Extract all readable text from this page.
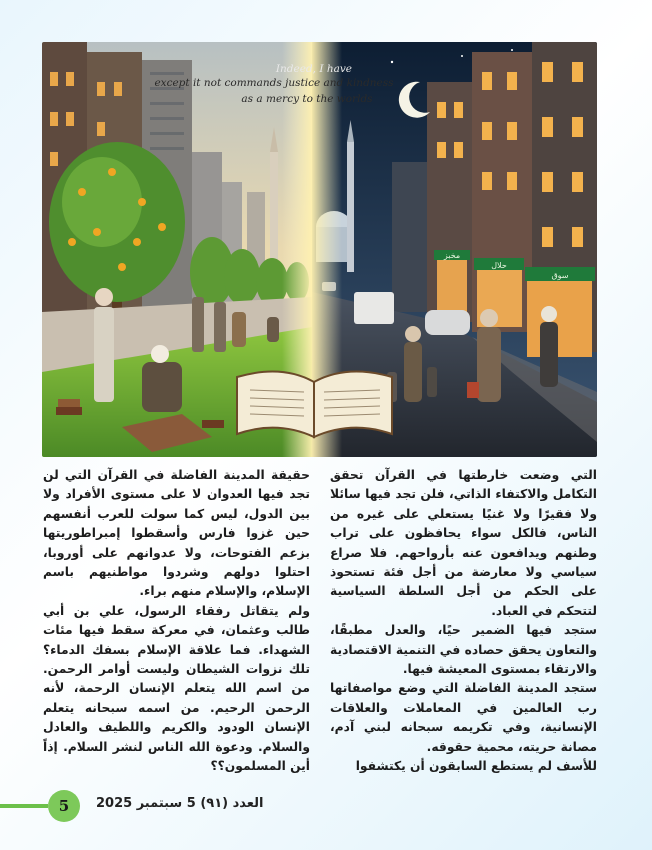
مخبز
حلال
سوق
Indeed, I have
except it not commands justice and kindness
as a mercy to the worlds

التي وضعت خارطتها في القرآن تحقق التكامل والاكتفاء الذاتي، فلن تجد فيها سائلا ولا فقيرًا ولا غنيًا يستعلي على غيره من الناس، فالكل سواء يحافظون على تراب وطنهم ويدافعون عنه بأرواحهم. فلا صراع سياسي ولا معارضة من أجل فئة تستحوذ على الحكم من أجل السلطة السياسية لتتحكم في العباد.

ستجد فيها الضمير حيًا، والعدل مطبقًا، والتعاون يحقق حصاده في التنمية الاقتصادية والارتقاء بمستوى المعيشة فيها.

ستجد المدينة الفاضلة التي وضع مواصفاتها رب العالمين في المعاملات والعلاقات الإنسانية، وفي تكريمه سبحانه لبني آدم، مصانة حريته، محمية حقوقه.

للأسف لم يستطع السابقون أن يكتشفوا

حقيقة المدينة الفاضلة في القرآن التي لن تجد فيها العدوان لا على مستوى الأفراد ولا بين الدول، ليس كما سولت للعرب أنفسهم حين غزوا فارس وأسقطوا إمبراطوريتها بزعم الفتوحات، ولا عدوانهم على أوروبا، احتلوا دولهم وشردوا مواطنيهم باسم الإسلام، والإسلام منهم براء.

ولم يتقاتل رفقاء الرسول، علي بن أبي طالب وعثمان، في معركة سقط فيها مئات الشهداء. فما علاقة الإسلام بسفك الدماء؟ تلك نزوات الشيطان وليست أوامر الرحمن. من اسم الله يتعلم الإنسان الرحمة، لأنه الرحمن الرحيم. من اسمه سبحانه يتعلم الإنسان الودود والكريم واللطيف والعادل والسلام. ودعوة الله الناس لنشر السلام. إذاً أين المسلمون؟؟

5	العدد (٩١) 5 سبتمبر 2025
